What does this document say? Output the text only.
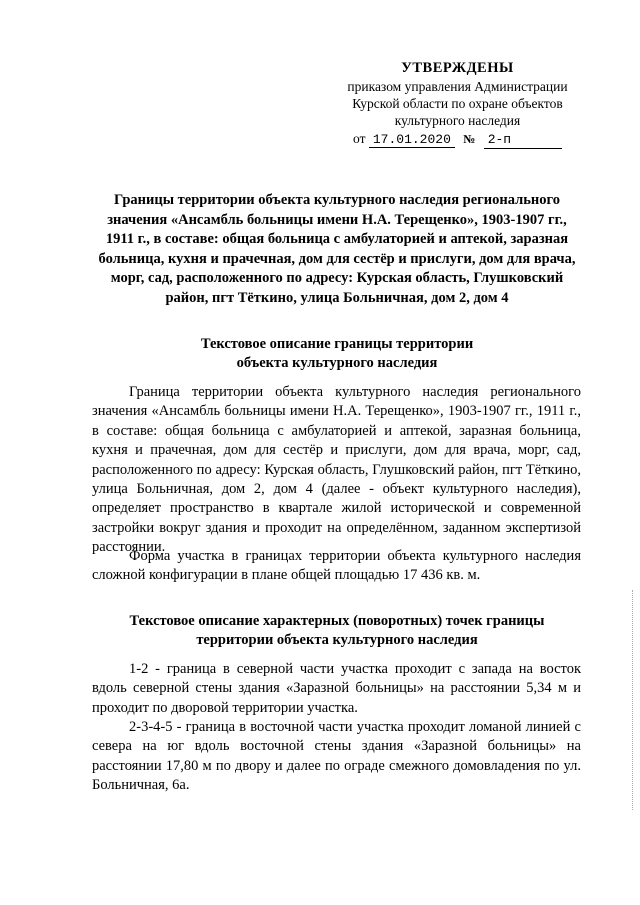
УТВЕРЖДЕНЫ
приказом управления Администрации
Курской области по охране объектов
культурного наследия
от 17.01.2020 № 2-п
Границы территории объекта культурного наследия регионального значения «Ансамбль больницы имени Н.А. Терещенко», 1903-1907 гг., 1911 г., в составе: общая больница с амбулаторией и аптекой, заразная больница, кухня и прачечная, дом для сестёр и прислуги, дом для врача, морг, сад, расположенного по адресу: Курская область, Глушковский район, пгт Тёткино, улица Больничная, дом 2, дом 4
Текстовое описание границы территории
объекта культурного наследия

Граница территории объекта культурного наследия регионального значения «Ансамбль больницы имени Н.А. Терещенко», 1903-1907 гг., 1911 г., в составе: общая больница с амбулаторией и аптекой, заразная больница, кухня и прачечная, дом для сестёр и прислуги, дом для врача, морг, сад, расположенного по адресу: Курская область, Глушковский район, пгт Тёткино, улица Больничная, дом 2, дом 4 (далее - объект культурного наследия), определяет пространство в квартале жилой исторической и современной застройки вокруг здания и проходит на определённом, заданном экспертизой расстоянии.

Форма участка в границах территории объекта культурного наследия сложной конфигурации в плане общей площадью 17 436 кв. м.

Текстовое описание характерных (поворотных) точек границы
территории объекта культурного наследия

1-2 - граница в северной части участка проходит с запада на восток вдоль северной стены здания «Заразной больницы» на расстоянии 5,34 м и проходит по дворовой территории участка.

2-3-4-5 - граница в восточной части участка проходит ломаной линией с севера на юг вдоль восточной стены здания «Заразной больницы» на расстоянии 17,80 м по двору и далее по ограде смежного домовладения по ул. Больничная, 6а.
